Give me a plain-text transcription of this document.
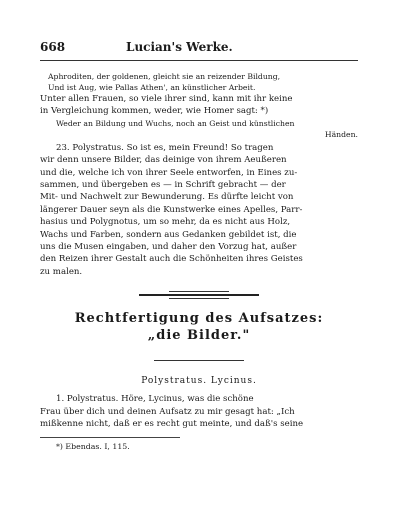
668	Lucian's Werke.
Aphroditen, der goldenen, gleicht sie an reizender Bildung,
Und ist Aug, wie Pallas Athen', an künstlicher Arbeit.
Unter allen Frauen, so viele ihrer sind, kann mit ihr keine
in Vergleichung kommen, weder, wie Homer sagt: *)
Weder an Bildung und Wuchs, noch an Geist und künstlichen
Händen.
23. Polystratus. So ist es, mein Freund! So tragen
wir denn unsere Bilder, das deinige von ihrem Aeußeren
und die, welche ich von ihrer Seele entworfen, in Eines zu-
sammen, und übergeben es — in Schrift gebracht — der
Mit- und Nachwelt zur Bewunderung. Es dürfte leicht von
längerer Dauer seyn als die Kunstwerke eines Apelles, Parr-
hasius und Polygnotus, um so mehr, da es nicht aus Holz,
Wachs und Farben, sondern aus Gedanken gebildet ist, die
uns die Musen eingaben, und daher den Vorzug hat, außer
den Reizen ihrer Gestalt auch die Schönheiten ihres Geistes
zu malen.
Rechtfertigung des Aufsatzes:
„die Bilder."
Polystratus. Lycinus.
1. Polystratus. Höre, Lycinus, was die schöne
Frau über dich und deinen Aufsatz zu mir gesagt hat: „Ich
mißkenne nicht, daß er es recht gut meinte, und daß's seine
*) Ebendas. I, 115.
